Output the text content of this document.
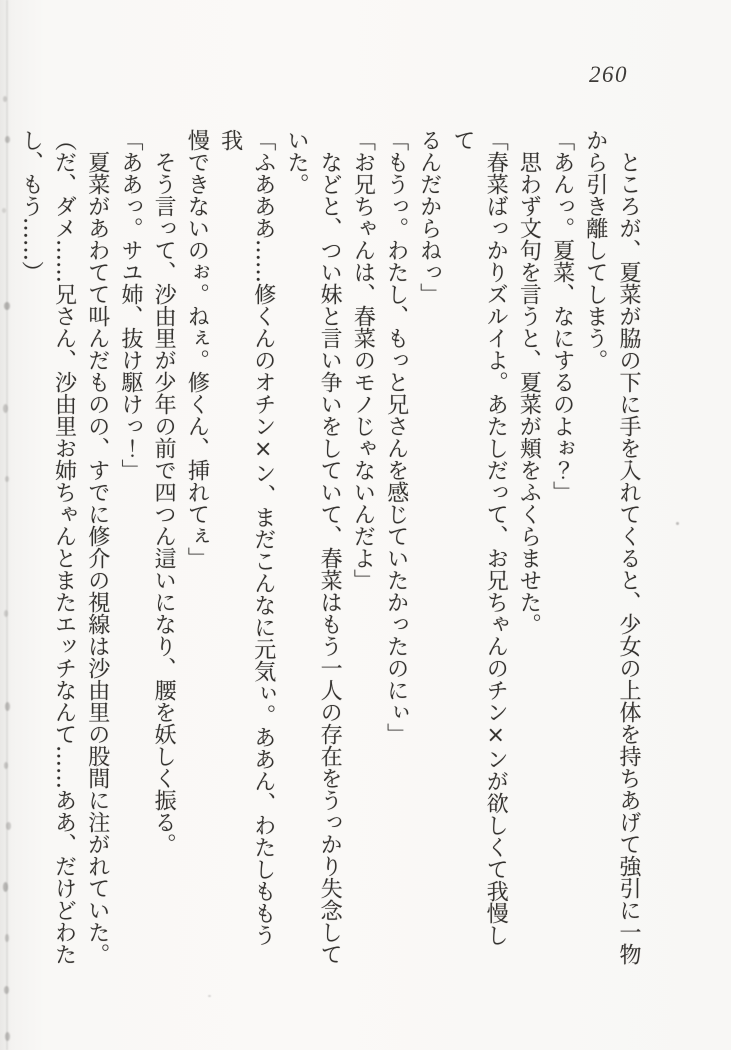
260
ところが、夏菜が脇の下に手を入れてくると、少女の上体を持ちあげて強引に一物
から引き離してしまう。
「あんっ。夏菜、なにするのよぉ？」
思わず文句を言うと、夏菜が頬をふくらませた。
「春菜ばっかりズルイよ。あたしだって、お兄ちゃんのチン×ンが欲しくて我慢して
るんだからねっ」
「もうっ。わたし、もっと兄さんを感じていたかったのにぃ」
「お兄ちゃんは、春菜のモノじゃないんだよ」
などと、つい妹と言い争いをしていて、春菜はもう一人の存在をうっかり失念して
いた。
「ふあああ……修くんのオチン×ン、まだこんなに元気ぃ。ああん、わたしももう我
慢できないのぉ。ねぇ。修くん、挿れてぇ」
そう言って、沙由里が少年の前で四つん這いになり、腰を妖しく振る。
「ああっ。サユ姉、抜け駆けっ！」
夏菜があわてて叫んだものの、すでに修介の視線は沙由里の股間に注がれていた。
（だ、ダメ……兄さん、沙由里お姉ちゃんとまたエッチなんて……ああ、だけどわた
し、もう……）
